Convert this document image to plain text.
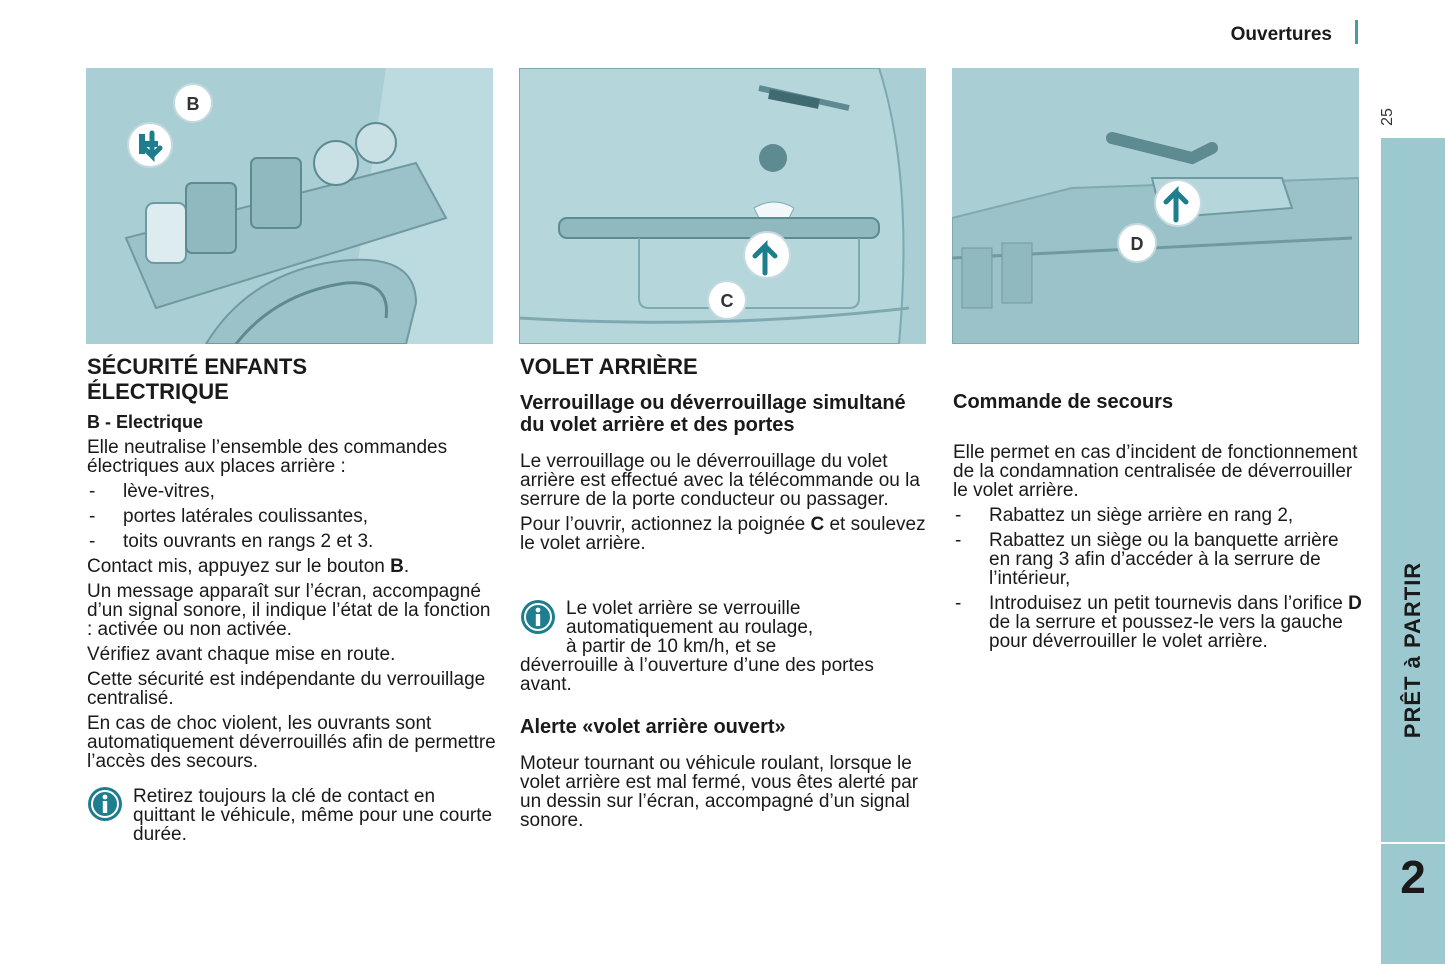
Ouvertures
25
PRÊT à PARTIR
2
B
C
D
SÉCURITÉ ENFANTS
ÉLECTRIQUE
B - Electrique

Elle neutralise l’ensemble des commandes électriques aux places arrière :

- lève-vitres,
- portes latérales coulissantes,
- toits ouvrants en rangs 2 et 3.

Contact mis, appuyez sur le bouton B.

Un message apparaît sur l’écran, accompagné d’un signal sonore, il indique l’état de la fonction : activée ou non activée.

Vérifiez avant chaque mise en route.

Cette sécurité est indépendante du verrouillage centralisé.

En cas de choc violent, les ouvrants sont automatiquement déverrouillés afin de permettre l’accès des secours.

Retirez toujours la clé de contact en quittant le véhicule, même pour une courte durée.
VOLET ARRIÈRE
Verrouillage ou déverrouillage simultané du volet arrière et des portes

Le verrouillage ou le déverrouillage du volet arrière est effectué avec la télécommande ou la serrure de la porte conducteur ou passager.

Pour l’ouvrir, actionnez la poignée C et soulevez le volet arrière.

Le volet arrière se verrouille
automatiquement au roulage,
à partir de 10 km/h, et se
déverrouille à l’ouverture d’une des portes avant.
Alerte «volet arrière ouvert»

Moteur tournant ou véhicule roulant, lorsque le volet arrière est mal fermé, vous êtes alerté par un dessin sur l’écran, accompagné d’un signal sonore.

Commande de secours

Elle permet en cas d’incident de fonctionnement de la condamnation centralisée de déverrouiller le volet arrière.

- Rabattez un siège arrière en rang 2,
- Rabattez un siège ou la banquette arrière en rang 3 afin d’accéder à la serrure de l’intérieur,
- Introduisez un petit tournevis dans l’orifice D de la serrure et poussez-le vers la gauche pour déverrouiller le volet arrière.
